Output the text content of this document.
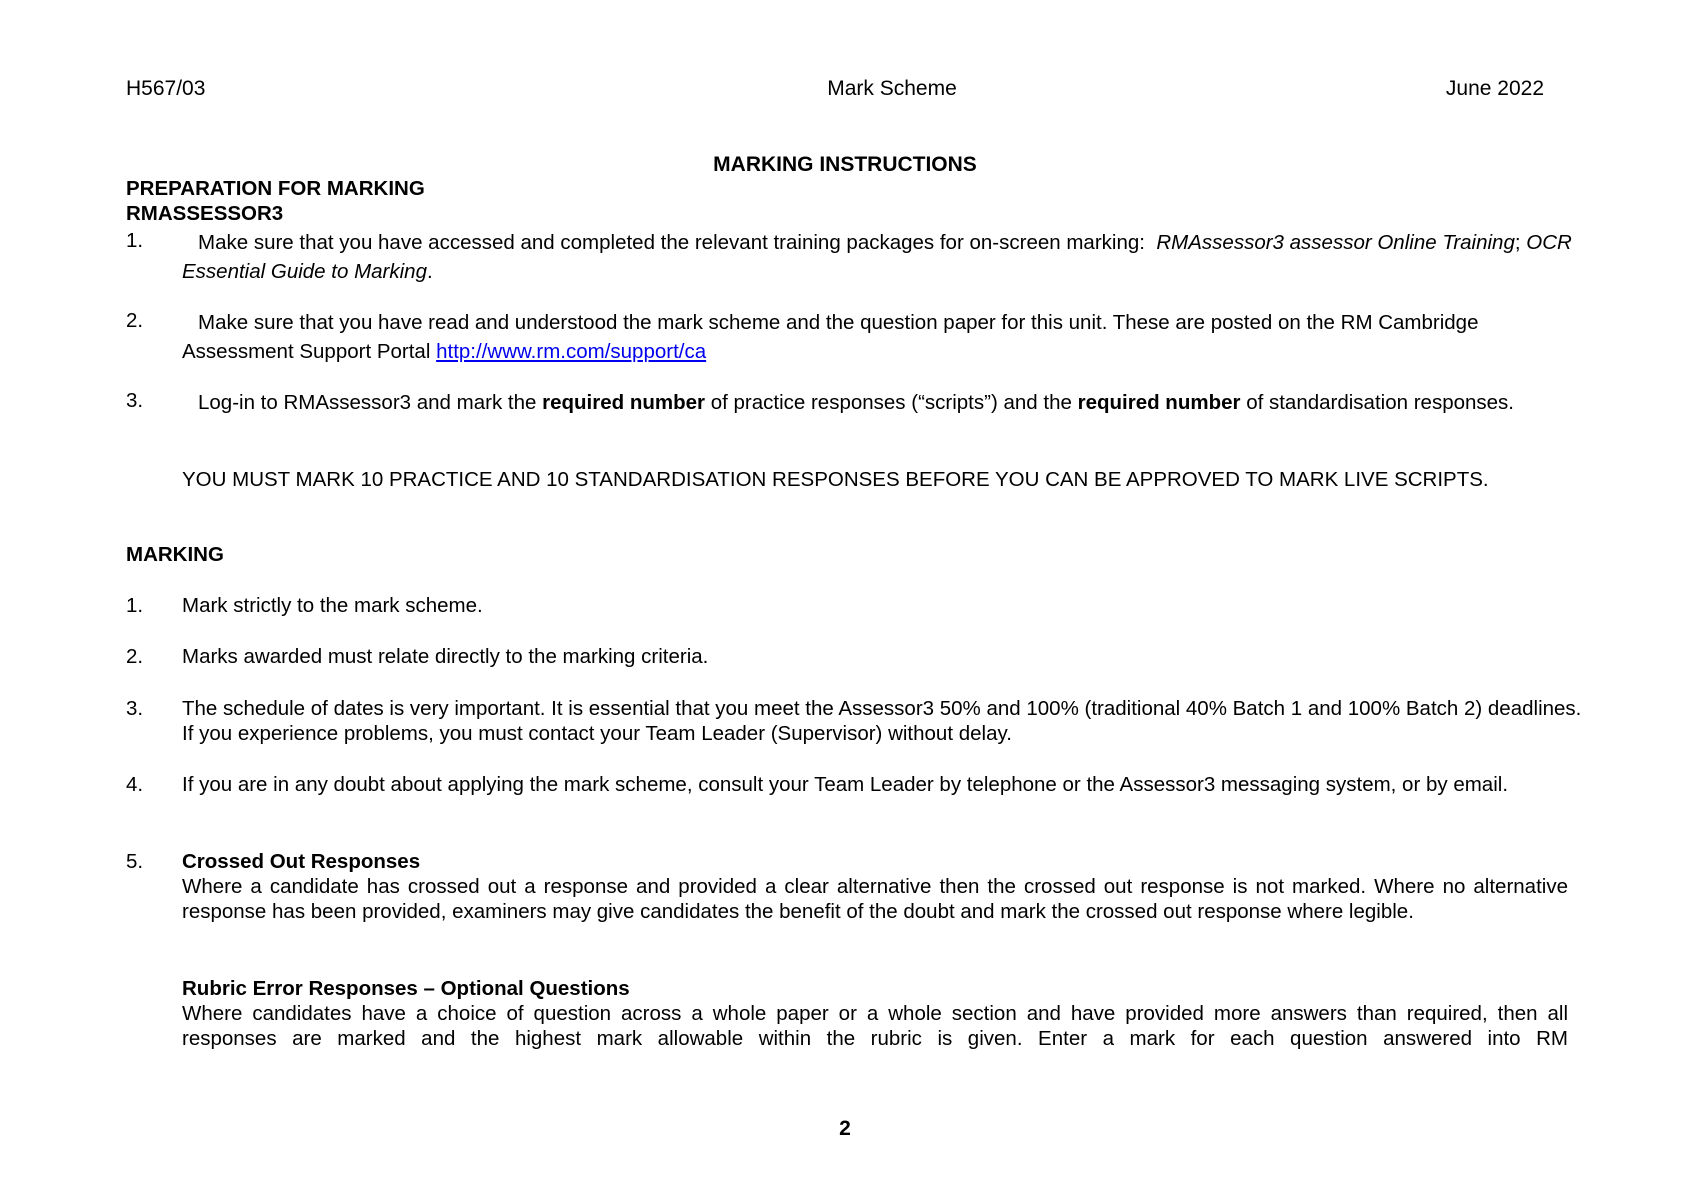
H567/03	Mark Scheme	June 2022
MARKING INSTRUCTIONS
PREPARATION FOR MARKING
RMASSESSOR3
1.	Make sure that you have accessed and completed the relevant training packages for on-screen marking: RMAssessor3 assessor Online Training; OCR Essential Guide to Marking.
2.	Make sure that you have read and understood the mark scheme and the question paper for this unit. These are posted on the RM Cambridge Assessment Support Portal http://www.rm.com/support/ca
3.	Log-in to RMAssessor3 and mark the required number of practice responses (“scripts”) and the required number of standardisation responses.
YOU MUST MARK 10 PRACTICE AND 10 STANDARDISATION RESPONSES BEFORE YOU CAN BE APPROVED TO MARK LIVE SCRIPTS.
MARKING
1. Mark strictly to the mark scheme.
2. Marks awarded must relate directly to the marking criteria.
3. The schedule of dates is very important. It is essential that you meet the Assessor3 50% and 100% (traditional 40% Batch 1 and 100% Batch 2) deadlines. If you experience problems, you must contact your Team Leader (Supervisor) without delay.
4. If you are in any doubt about applying the mark scheme, consult your Team Leader by telephone or the Assessor3 messaging system, or by email.
5. Crossed Out Responses
Where a candidate has crossed out a response and provided a clear alternative then the crossed out response is not marked. Where no alternative response has been provided, examiners may give candidates the benefit of the doubt and mark the crossed out response where legible.
Rubric Error Responses – Optional Questions
Where candidates have a choice of question across a whole paper or a whole section and have provided more answers than required, then all responses are marked and the highest mark allowable within the rubric is given. Enter a mark for each question answered into RM
2
